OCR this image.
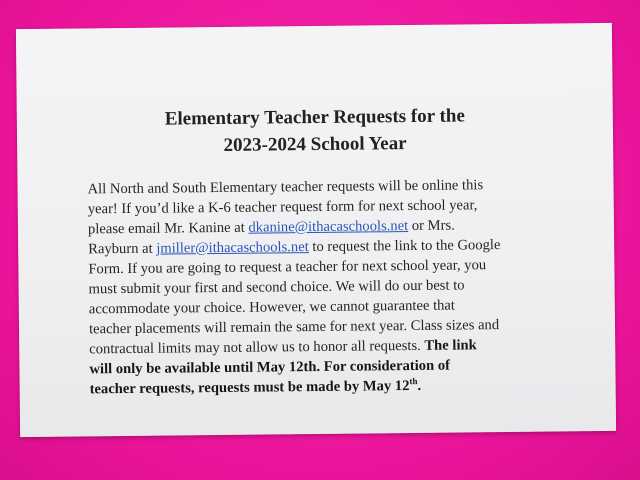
Elementary Teacher Requests for the
2023-2024 School Year
All North and South Elementary teacher requests will be online this
year! If you’d like a K-6 teacher request form for next school year,
please email Mr. Kanine at dkanine@ithacaschools.net or Mrs.
Rayburn at jmiller@ithacaschools.net to request the link to the Google
Form. If you are going to request a teacher for next school year, you
must submit your first and second choice. We will do our best to
accommodate your choice. However, we cannot guarantee that
teacher placements will remain the same for next year. Class sizes and
contractual limits may not allow us to honor all requests. The link
will only be available until May 12th. For consideration of
teacher requests, requests must be made by May 12th.
